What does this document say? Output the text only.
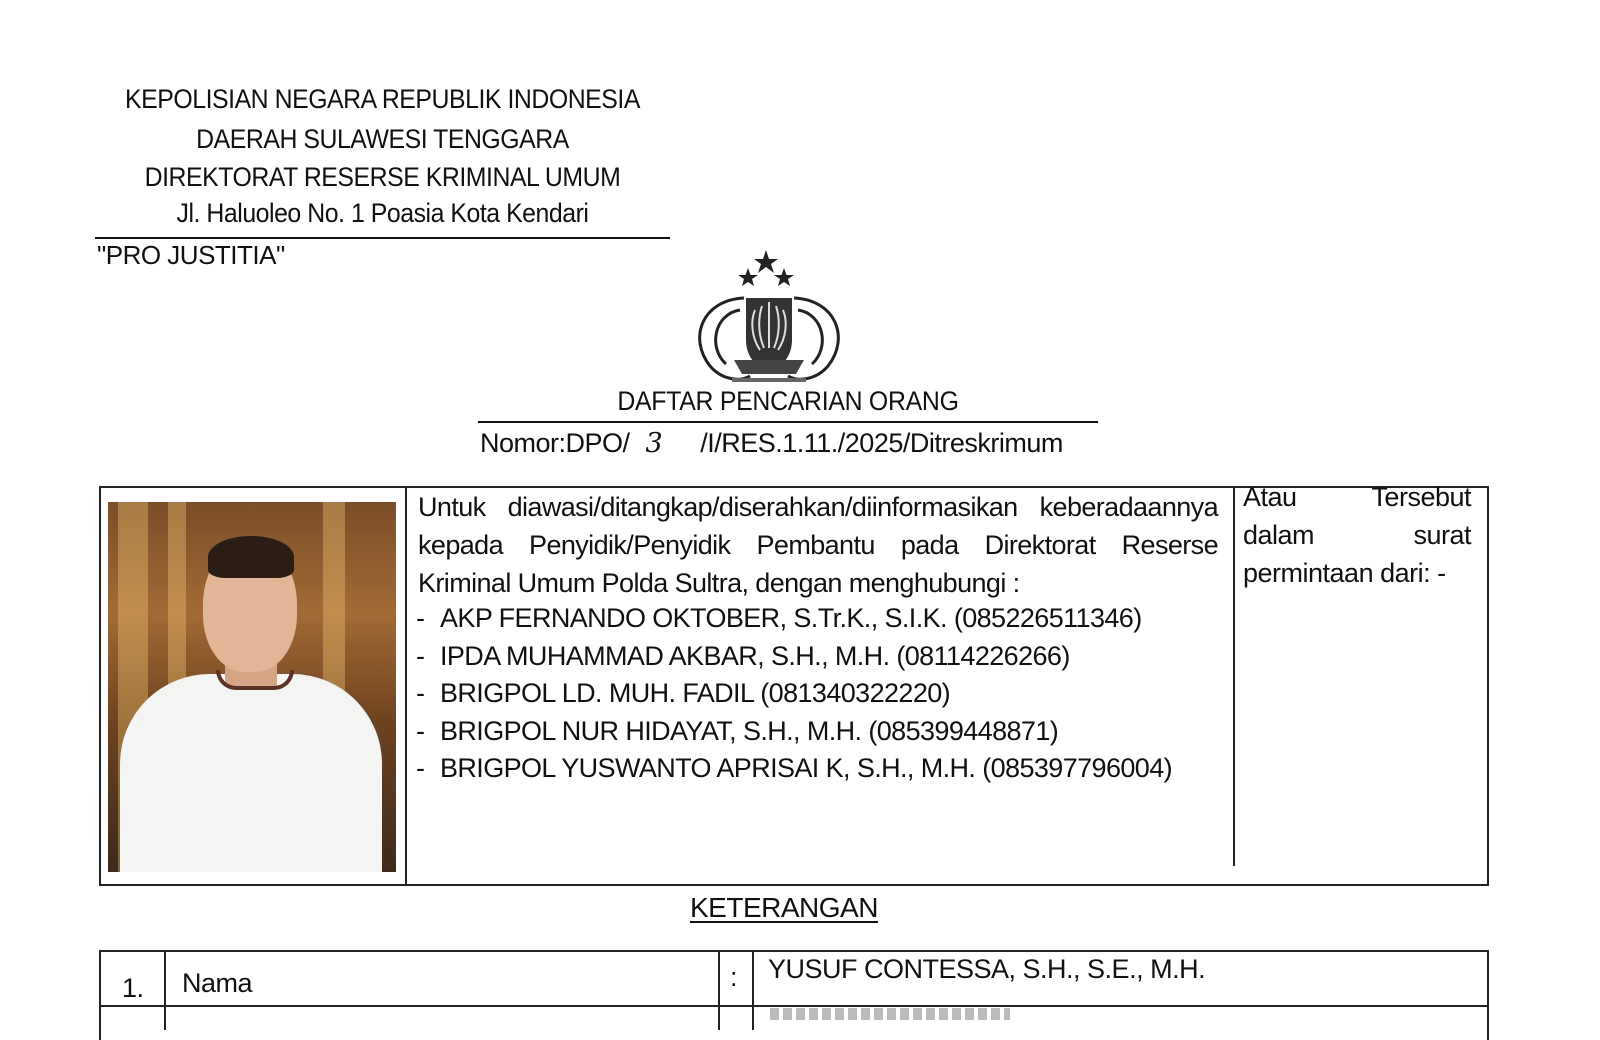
KEPOLISIAN NEGARA REPUBLIK INDONESIA
DAERAH SULAWESI TENGGARA
DIREKTORAT RESERSE KRIMINAL UMUM
Jl. Haluoleo No. 1 Poasia Kota Kendari
"PRO JUSTITIA"
DAFTAR PENCARIAN ORANG
Nomor:DPO/ 3 /I/RES.1.11./2025/Ditreskrimum
Untuk diawasi/ditangkap/diserahkan/diinformasikan keberadaannya kepada Penyidik/Penyidik Pembantu pada Direktorat Reserse Kriminal Umum Polda Sultra, dengan menghubungi :
- AKP FERNANDO OKTOBER, S.Tr.K., S.I.K. (085226511346)
- IPDA MUHAMMAD AKBAR, S.H., M.H. (08114226266)
- BRIGPOL LD. MUH. FADIL (081340322220)
- BRIGPOL NUR HIDAYAT, S.H., M.H. (085399448871)
- BRIGPOL YUSWANTO APRISAI K, S.H., M.H. (085397796004)
Atau Tersebut
dalam surat
permintaan dari: -
KETERANGAN
1. Nama	: YUSUF CONTESSA, S.H., S.E., M.H.
